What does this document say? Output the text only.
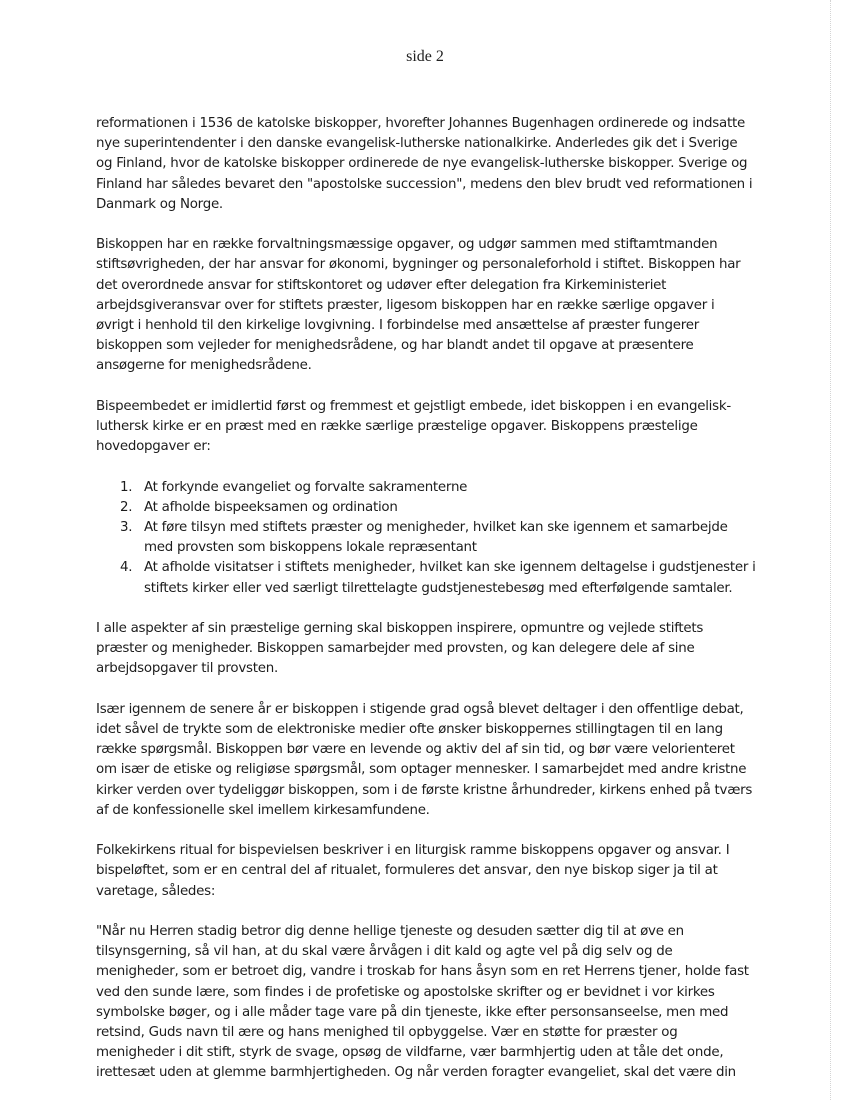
side 2

reformationen i 1536 de katolske biskopper, hvorefter Johannes Bugenhagen ordinerede og indsatte nye superintendenter i den danske evangelisk-lutherske nationalkirke. Anderledes gik det i Sverige og Finland, hvor de katolske biskopper ordinerede de nye evangelisk-lutherske biskopper. Sverige og Finland har således bevaret den "apostolske succession", medens den blev brudt ved reformationen i Danmark og Norge.

Biskoppen har en række forvaltningsmæssige opgaver, og udgør sammen med stiftamtmanden stiftsøvrigheden, der har ansvar for økonomi, bygninger og personaleforhold i stiftet. Biskoppen har det overordnede ansvar for stiftskontoret og udøver efter delegation fra Kirkeministeriet arbejdsgiveransvar over for stiftets præster, ligesom biskoppen har en række særlige opgaver i øvrigt i henhold til den kirkelige lovgivning. I forbindelse med ansættelse af præster fungerer biskoppen som vejleder for menighedsrådene, og har blandt andet til opgave at præsentere ansøgerne for menighedsrådene.

Bispeembedet er imidlertid først og fremmest et gejstligt embede, idet biskoppen i en evangelisk-luthersk kirke er en præst med en række særlige præstelige opgaver. Biskoppens præstelige hovedopgaver er:

1. At forkynde evangeliet og forvalte sakramenterne
2. At afholde bispeeksamen og ordination
3. At føre tilsyn med stiftets præster og menigheder, hvilket kan ske igennem et samarbejde med provsten som biskoppens lokale repræsentant
4. At afholde visitatser i stiftets menigheder, hvilket kan ske igennem deltagelse i gudstjenester i stiftets kirker eller ved særligt tilrettelagte gudstjenestebesøg med efterfølgende samtaler.

I alle aspekter af sin præstelige gerning skal biskoppen inspirere, opmuntre og vejlede stiftets præster og menigheder. Biskoppen samarbejder med provsten, og kan delegere dele af sine arbejdsopgaver til provsten.

Især igennem de senere år er biskoppen i stigende grad også blevet deltager i den offentlige debat, idet såvel de trykte som de elektroniske medier ofte ønsker biskoppernes stillingtagen til en lang række spørgsmål. Biskoppen bør være en levende og aktiv del af sin tid, og bør være velorienteret om især de etiske og religiøse spørgsmål, som optager mennesker. I samarbejdet med andre kristne kirker verden over tydeliggør biskoppen, som i de første kristne århundreder, kirkens enhed på tværs af de konfessionelle skel imellem kirkesamfundene.

Folkekirkens ritual for bispevielsen beskriver i en liturgisk ramme biskoppens opgaver og ansvar. I bispeløftet, som er en central del af ritualet, formuleres det ansvar, den nye biskop siger ja til at varetage, således:

"Når nu Herren stadig betror dig denne hellige tjeneste og desuden sætter dig til at øve en tilsynsgerning, så vil han, at du skal være årvågen i dit kald og agte vel på dig selv og de menigheder, som er betroet dig, vandre i troskab for hans åsyn som en ret Herrens tjener, holde fast ved den sunde lære, som findes i de profetiske og apostolske skrifter og er bevidnet i vor kirkes symbolske bøger, og i alle måder tage vare på din tjeneste, ikke efter personsanseelse, men med retsind, Guds navn til ære og hans menighed til opbyggelse. Vær en støtte for præster og menigheder i dit stift, styrk de svage, opsøg de vildfarne, vær barmhjertig uden at tåle det onde, irettesæt uden at glemme barmhjertigheden. Og når verden foragter evangeliet, skal det være din
